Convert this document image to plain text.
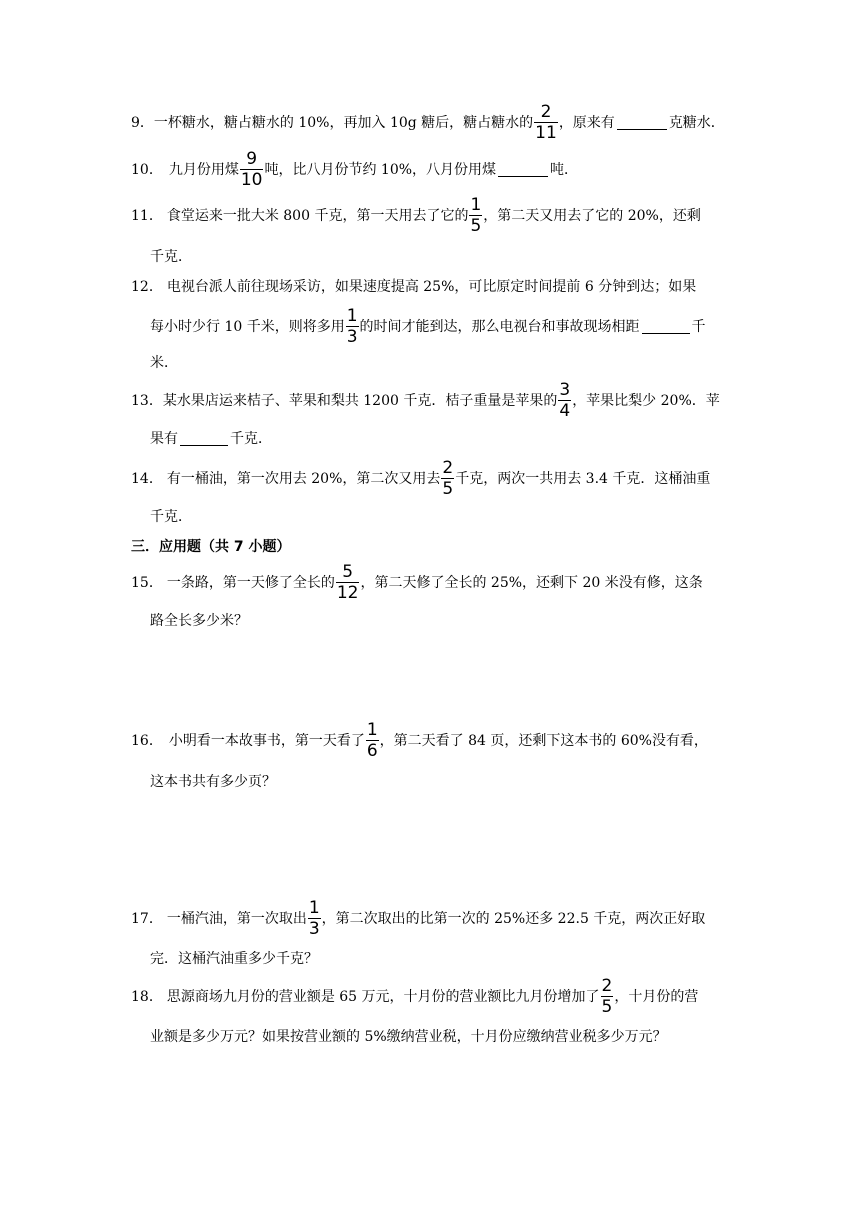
9． 一杯糖水，糖占糖水的 10%，再加入 10g 糖后，糖占糖水的 $\frac{2}{11}$ ，原来有	克糖水．
10． 九月份用煤 $\frac{9}{10}$ 吨，比八月份节约 10%，八月份用煤	吨．
11． 食堂运来一批大米 800 千克，第一天用去了它的 $\frac{1}{5}$ ，第二天又用去了它的 20%，还剩
千克．
12． 电视台派人前往现场采访，如果速度提高 25%，可比原定时间提前 6 分钟到达；如果
每小时少行 10 千米，则将多用 $\frac{1}{3}$ 的时间才能到达，那么电视台和事故现场相距	千
米．
13． 某水果店运来桔子、苹果和梨共 1200 千克．桔子重量是苹果的 $\frac{3}{4}$ ，苹果比梨少 20%．苹
果有	千克．
14． 有一桶油，第一次用去 20%，第二次又用去 $\frac{2}{5}$ 千克，两次一共用去 3.4 千克．这桶油重
千克．
三．应用题（共 7 小题）
15． 一条路，第一天修了全长的 $\frac{5}{12}$ ，第二天修了全长的 25%，还剩下 20 米没有修，这条
路全长多少米？
16． 小明看一本故事书，第一天看了 $\frac{1}{6}$ ，第二天看了 84 页，还剩下这本书的 60%没有看，
这本书共有多少页？
17． 一桶汽油，第一次取出 $\frac{1}{3}$ ，第二次取出的比第一次的 25%还多 22.5 千克，两次正好取
完．这桶汽油重多少千克？
18． 思源商场九月份的营业额是 65 万元，十月份的营业额比九月份增加了 $\frac{2}{5}$ ，十月份的营
业额是多少万元？如果按营业额的 5%缴纳营业税，十月份应缴纳营业税多少万元？
